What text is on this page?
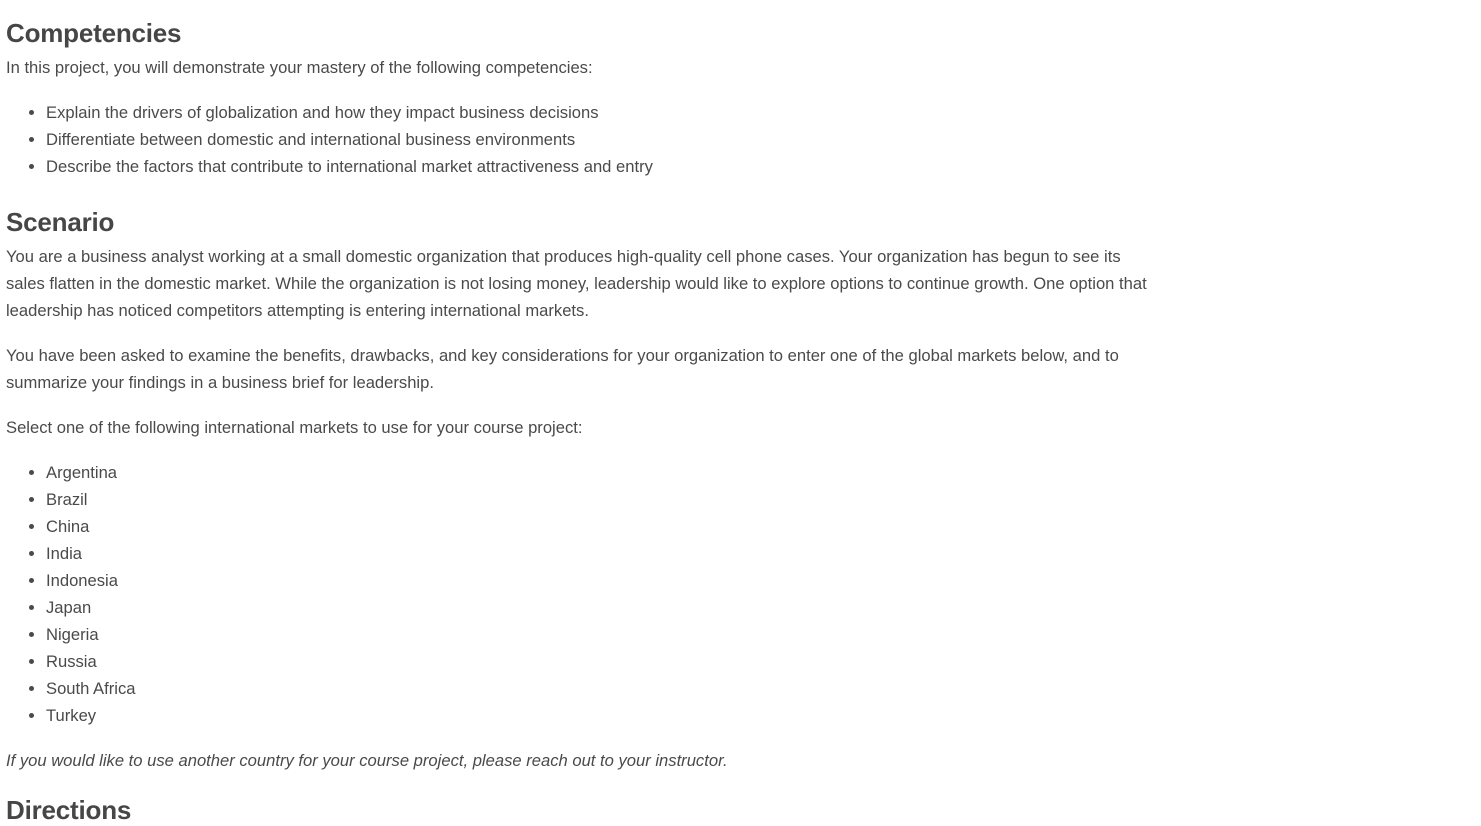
Competencies

In this project, you will demonstrate your mastery of the following competencies:

• Explain the drivers of globalization and how they impact business decisions
• Differentiate between domestic and international business environments
• Describe the factors that contribute to international market attractiveness and entry
Scenario

You are a business analyst working at a small domestic organization that produces high-quality cell phone cases. Your organization has begun to see its sales flatten in the domestic market. While the organization is not losing money, leadership would like to explore options to continue growth. One option that leadership has noticed competitors attempting is entering international markets.

You have been asked to examine the benefits, drawbacks, and key considerations for your organization to enter one of the global markets below, and to summarize your findings in a business brief for leadership.

Select one of the following international markets to use for your course project:

• Argentina
• Brazil
• China
• India
• Indonesia
• Japan
• Nigeria
• Russia
• South Africa
• Turkey

If you would like to use another country for your course project, please reach out to your instructor.

Directions
